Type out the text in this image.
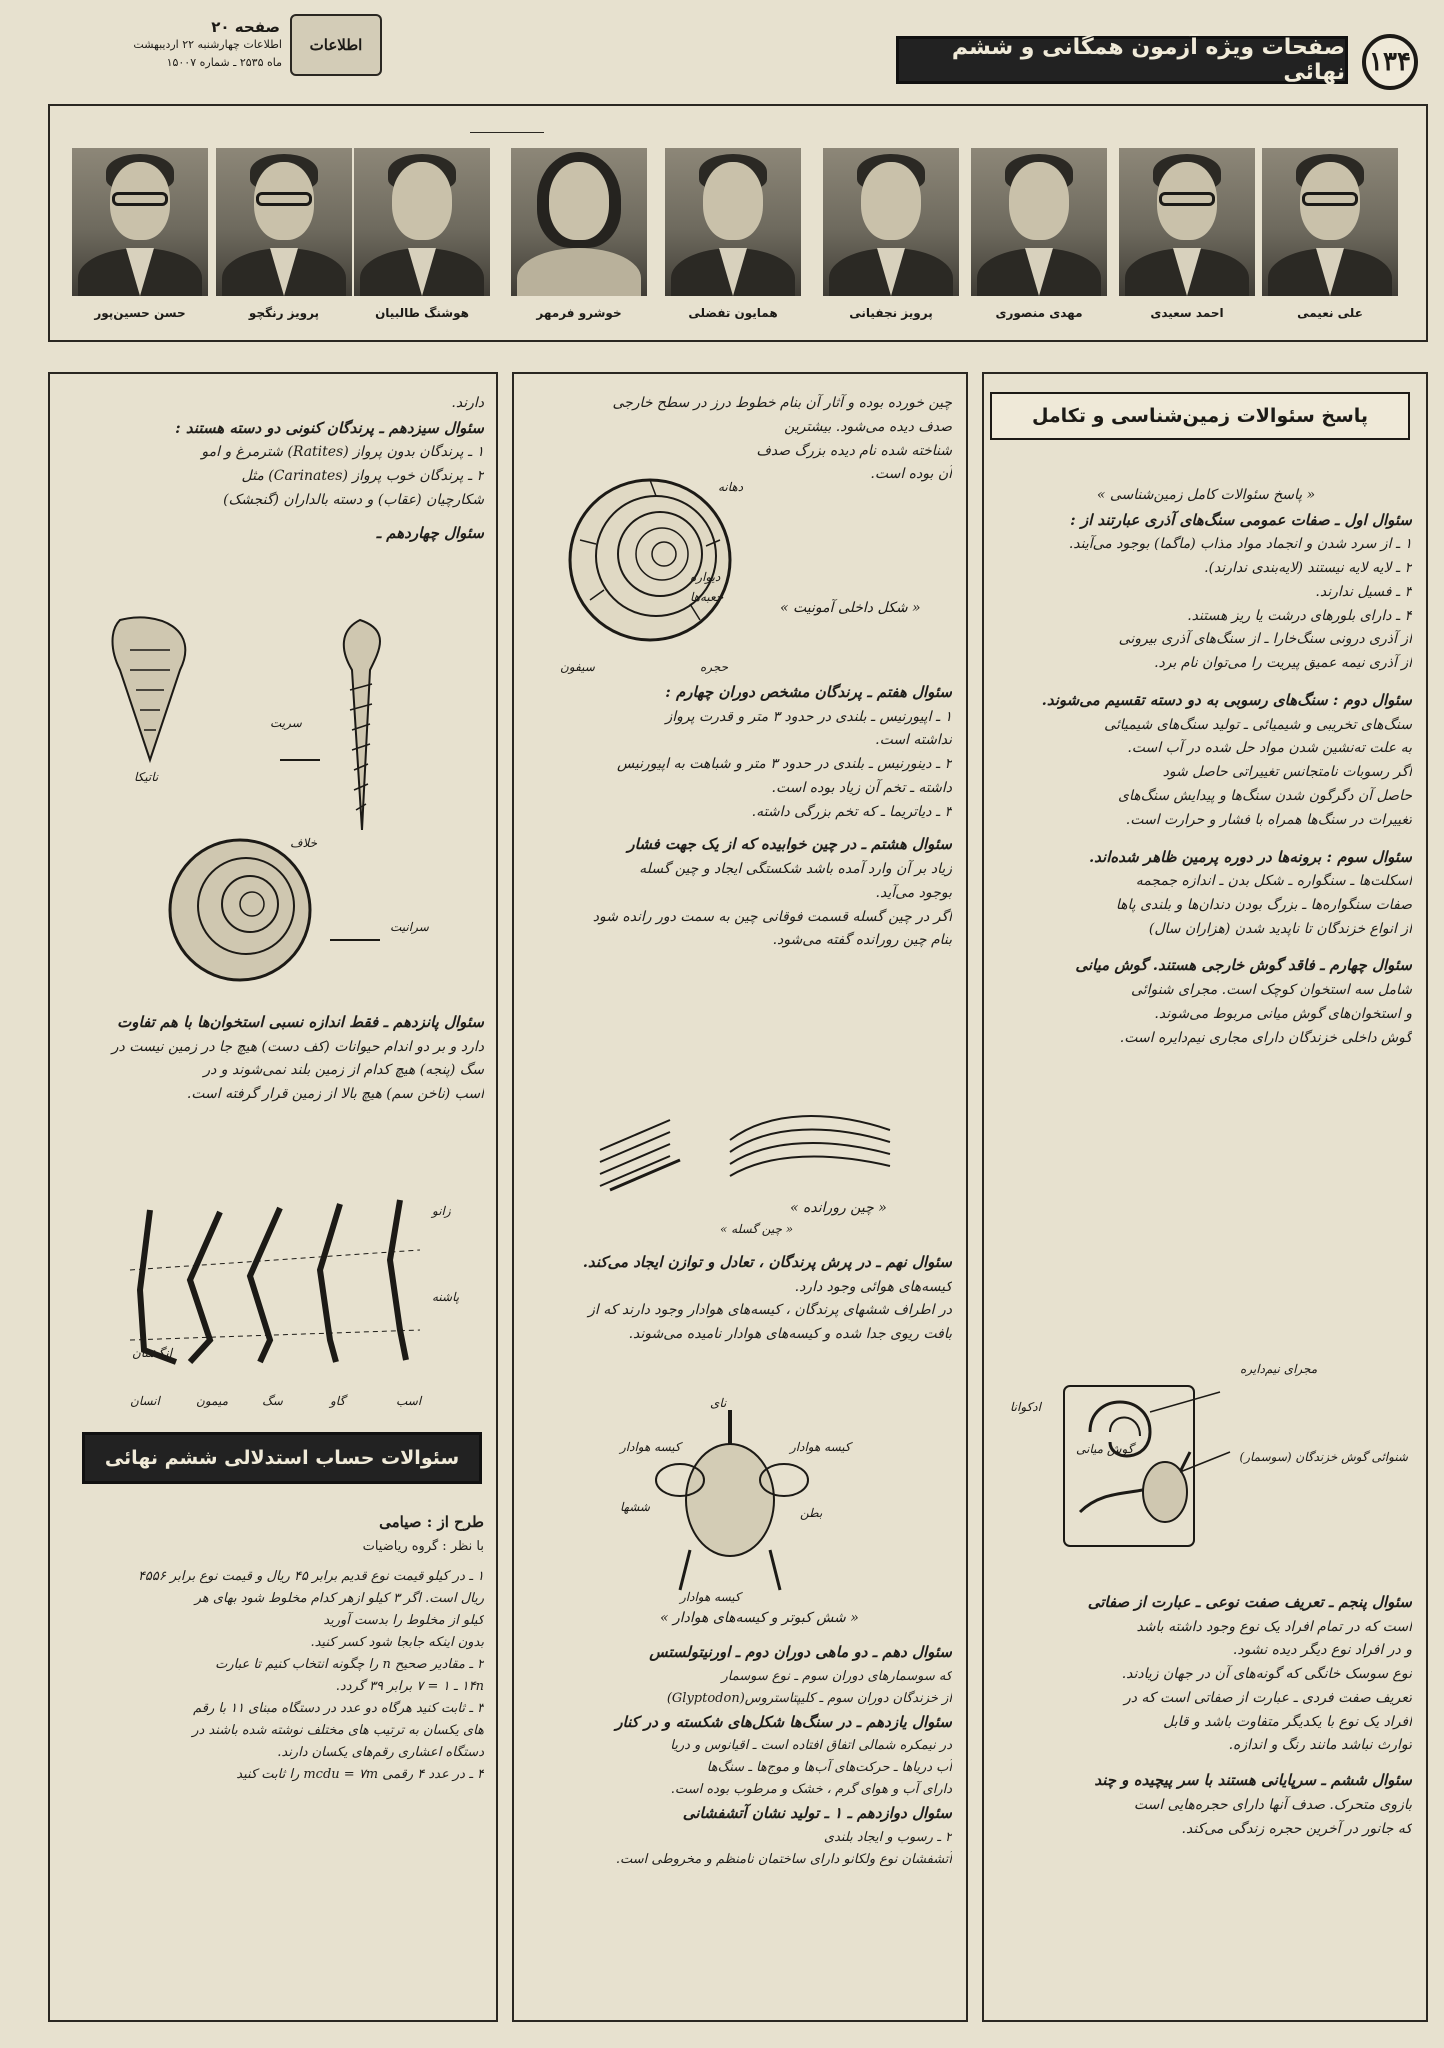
۱۳۴
صفحات ویژه آزمون همگانی و ششم نهائی
اطلاعات
صفحه ۲۰
اطلاعات چهارشنبه ۲۲ اردیبهشت
ماه ۲۵۳۵ ـ شماره ۱۵۰۰۷
علی نعیمی
احمد سعیدی
مهدی منصوری
پرویز نجفیانی
همایون تفضلی
خوشرو فرمهر
هوشنگ طالبیان
پرویز رنگچو
حسن حسین‌پور
پاسخ سئوالات زمین‌شناسی و تکامل
« پاسخ سئوالات کامل زمین‌شناسی »
سئوال اول ـ صفات عمومی سنگ‌های آذری عبارتند از :
۱ ـ از سرد شدن و انجماد مواد مذاب (ماگما) بوجود می‌آیند.
۲ ـ لایه لایه نیستند (لایه‌بندی ندارند).
۳ ـ فسیل ندارند.
۴ ـ دارای بلورهای درشت یا ریز هستند.
از آذری درونی سنگ‌خارا ـ از سنگ‌های آذری بیرونی
از آذری نیمه عمیق پیریت را می‌توان نام برد.
سئوال دوم : سنگ‌های رسوبی به دو دسته تقسیم می‌شوند.
سنگ‌های تخریبی و شیمیائی ـ تولید سنگ‌های شیمیائی
به علت ته‌نشین شدن مواد حل شده در آب است.
اگر رسوبات نامتجانس تغییراتی حاصل شود
حاصل آن دگرگون شدن سنگ‌ها و پیدایش سنگ‌های
تغییرات در سنگ‌ها همراه با فشار و حرارت است.
سئوال سوم : برونه‌ها در دوره پرمین ظاهر شده‌اند.
اسکلت‌ها ـ سنگواره ـ شکل بدن ـ اندازه جمجمه
صفات سنگواره‌ها ـ بزرگ بودن دندان‌ها و بلندی پاها
از انواع خزندگان تا ناپدید شدن (هزاران سال)
سئوال چهارم ـ فاقد گوش خارجی هستند. گوش میانی
شامل سه استخوان کوچک است. مجرای شنوائی
و استخوان‌های گوش میانی مربوط می‌شوند.
گوش داخلی خزندگان دارای مجاری نیم‌دایره است.
مجرای نیم‌دایره
ادکوانا
گوش میانی
شنوائی گوش خزندگان (سوسمار)
سئوال پنجم ـ تعریف صفت نوعی ـ عبارت از صفاتی
است که در تمام افراد یک نوع وجود داشته باشد
و در افراد نوع دیگر دیده نشود.
نوع سوسک خانگی که گونه‌های آن در جهان زیادند.
تعریف صفت فردی ـ عبارت از صفاتی است که در
افراد یک نوع با یکدیگر متفاوت باشد و قابل
توارث نباشد مانند رنگ و اندازه.
سئوال ششم ـ سرپایانی هستند با سر پیچیده و چند
بازوی متحرک. صدف آنها دارای حجره‌هایی است
که جانور در آخرین حجره زندگی می‌کند.
چین خورده بوده و آثار آن بنام خطوط درز در سطح خارجی
صدف دیده می‌شود. بیشترین
شناخته شده نام دیده بزرگ صدف
آن بوده است.
دیواره
جعبه‌ها
دهانه
حجره
سیفون
« شکل داخلی آمونیت »
سئوال هفتم ـ پرندگان مشخص دوران چهارم :
۱ ـ اپیورنیس ـ بلندی در حدود ۳ متر و قدرت پرواز
نداشته است.
۲ ـ دینورنیس ـ بلندی در حدود ۳ متر و شباهت به اپیورنیس
داشته ـ تخم آن زیاد بوده است.
۳ ـ دیاتریما ـ که تخم بزرگی داشته.
سئوال هشتم ـ در چین خوابیده که از یک جهت فشار
زیاد بر آن وارد آمده باشد شکستگی ایجاد و چین گسله
بوجود می‌آید.
اگر در چین گسله قسمت فوقانی چین به سمت دور رانده شود
بنام چین رورانده گفته می‌شود.
« چین رورانده »
« چین گسله »
سئوال نهم ـ در پرش پرندگان ، تعادل و توازن ایجاد می‌کند.
کیسه‌های هوائی وجود دارد.
در اطراف ششهای پرندگان ، کیسه‌های هوادار وجود دارند که از
بافت ریوی جدا شده و کیسه‌های هوادار نامیده می‌شوند.
نای
کیسه هوادار
ششها
کیسه هوادار
بطن
کیسه هوادار
« شش کبوتر و کیسه‌های هوادار »
سئوال دهم ـ دو ماهی دوران دوم ـ اورنیتولستس
که سوسمارهای دوران سوم ـ نوع سوسمار
از خزندگان دوران سوم ـ کلیپتاستروس(Glyptodon)
سئوال یازدهم ـ در سنگ‌ها شکل‌های شکسته و در کنار
در نیمکره شمالی اتفاق افتاده است ـ اقیانوس و دریا
آب دریاها ـ حرکت‌های آب‌ها و موج‌ها ـ سنگ‌ها
دارای آب و هوای گرم ، خشک و مرطوب بوده است.
سئوال دوازدهم ـ ۱ ـ تولید نشان آتشفشانی
۲ ـ رسوب و ایجاد بلندی
آتشفشان نوع ولکانو دارای ساختمان نامنظم و مخروطی است.
دارند.
سئوال سیزدهم ـ پرندگان کنونی دو دسته هستند :
۱ ـ پرندگان بدون پرواز (Ratites) شترمرغ و امو
۲ ـ پرندگان خوب پرواز (Carinates) مثل
شکارچیان (عقاب) و دسته بالداران (گنجشک)
سئوال چهاردهم ـ
ناتیکا
سریت
خلاف
سرانیت
سئوال پانزدهم ـ فقط اندازه نسبی استخوان‌ها با هم تفاوت
دارد و بر دو اندام حیوانات (کف دست) هیچ جا در زمین نیست در
سگ (پنجه) هیچ کدام از زمین بلند نمی‌شوند و در
اسب (ناخن سم) هیچ بالا از زمین قرار گرفته است.
زانو
پاشنه
انگشتان
انسان	میمون	سگ	گاو	اسب
سئوالات حساب استدلالی ششم نهائی
طرح از : صیامی
با نظر : گروه ریاضیات
۱ ـ در کیلو قیمت نوع قدیم برابر ۴۵ ریال و قیمت نوع برابر ۴۵۵۶
ریال است. اگر ۳ کیلو ازهر کدام مخلوط شود بهای هر
کیلو از مخلوط را بدست آورید
بدون اینکه جابجا شود کسر کنید.
۲ ـ مقادیر صحیح n را چگونه انتخاب کنیم تا عبارت
۱۴n ـ ۱ = ۷ برابر ۳۹ گردد.
۳ ـ ثابت کنید هرگاه دو عدد در دستگاه مبنای ۱۱ با رقم
های یکسان به ترتیب های مختلف نوشته شده باشند در
دستگاه اعشاری رقم‌های یکسان دارند.
۴ ـ در عدد ۴ رقمی mcdu = ۷m را ثابت کنید
